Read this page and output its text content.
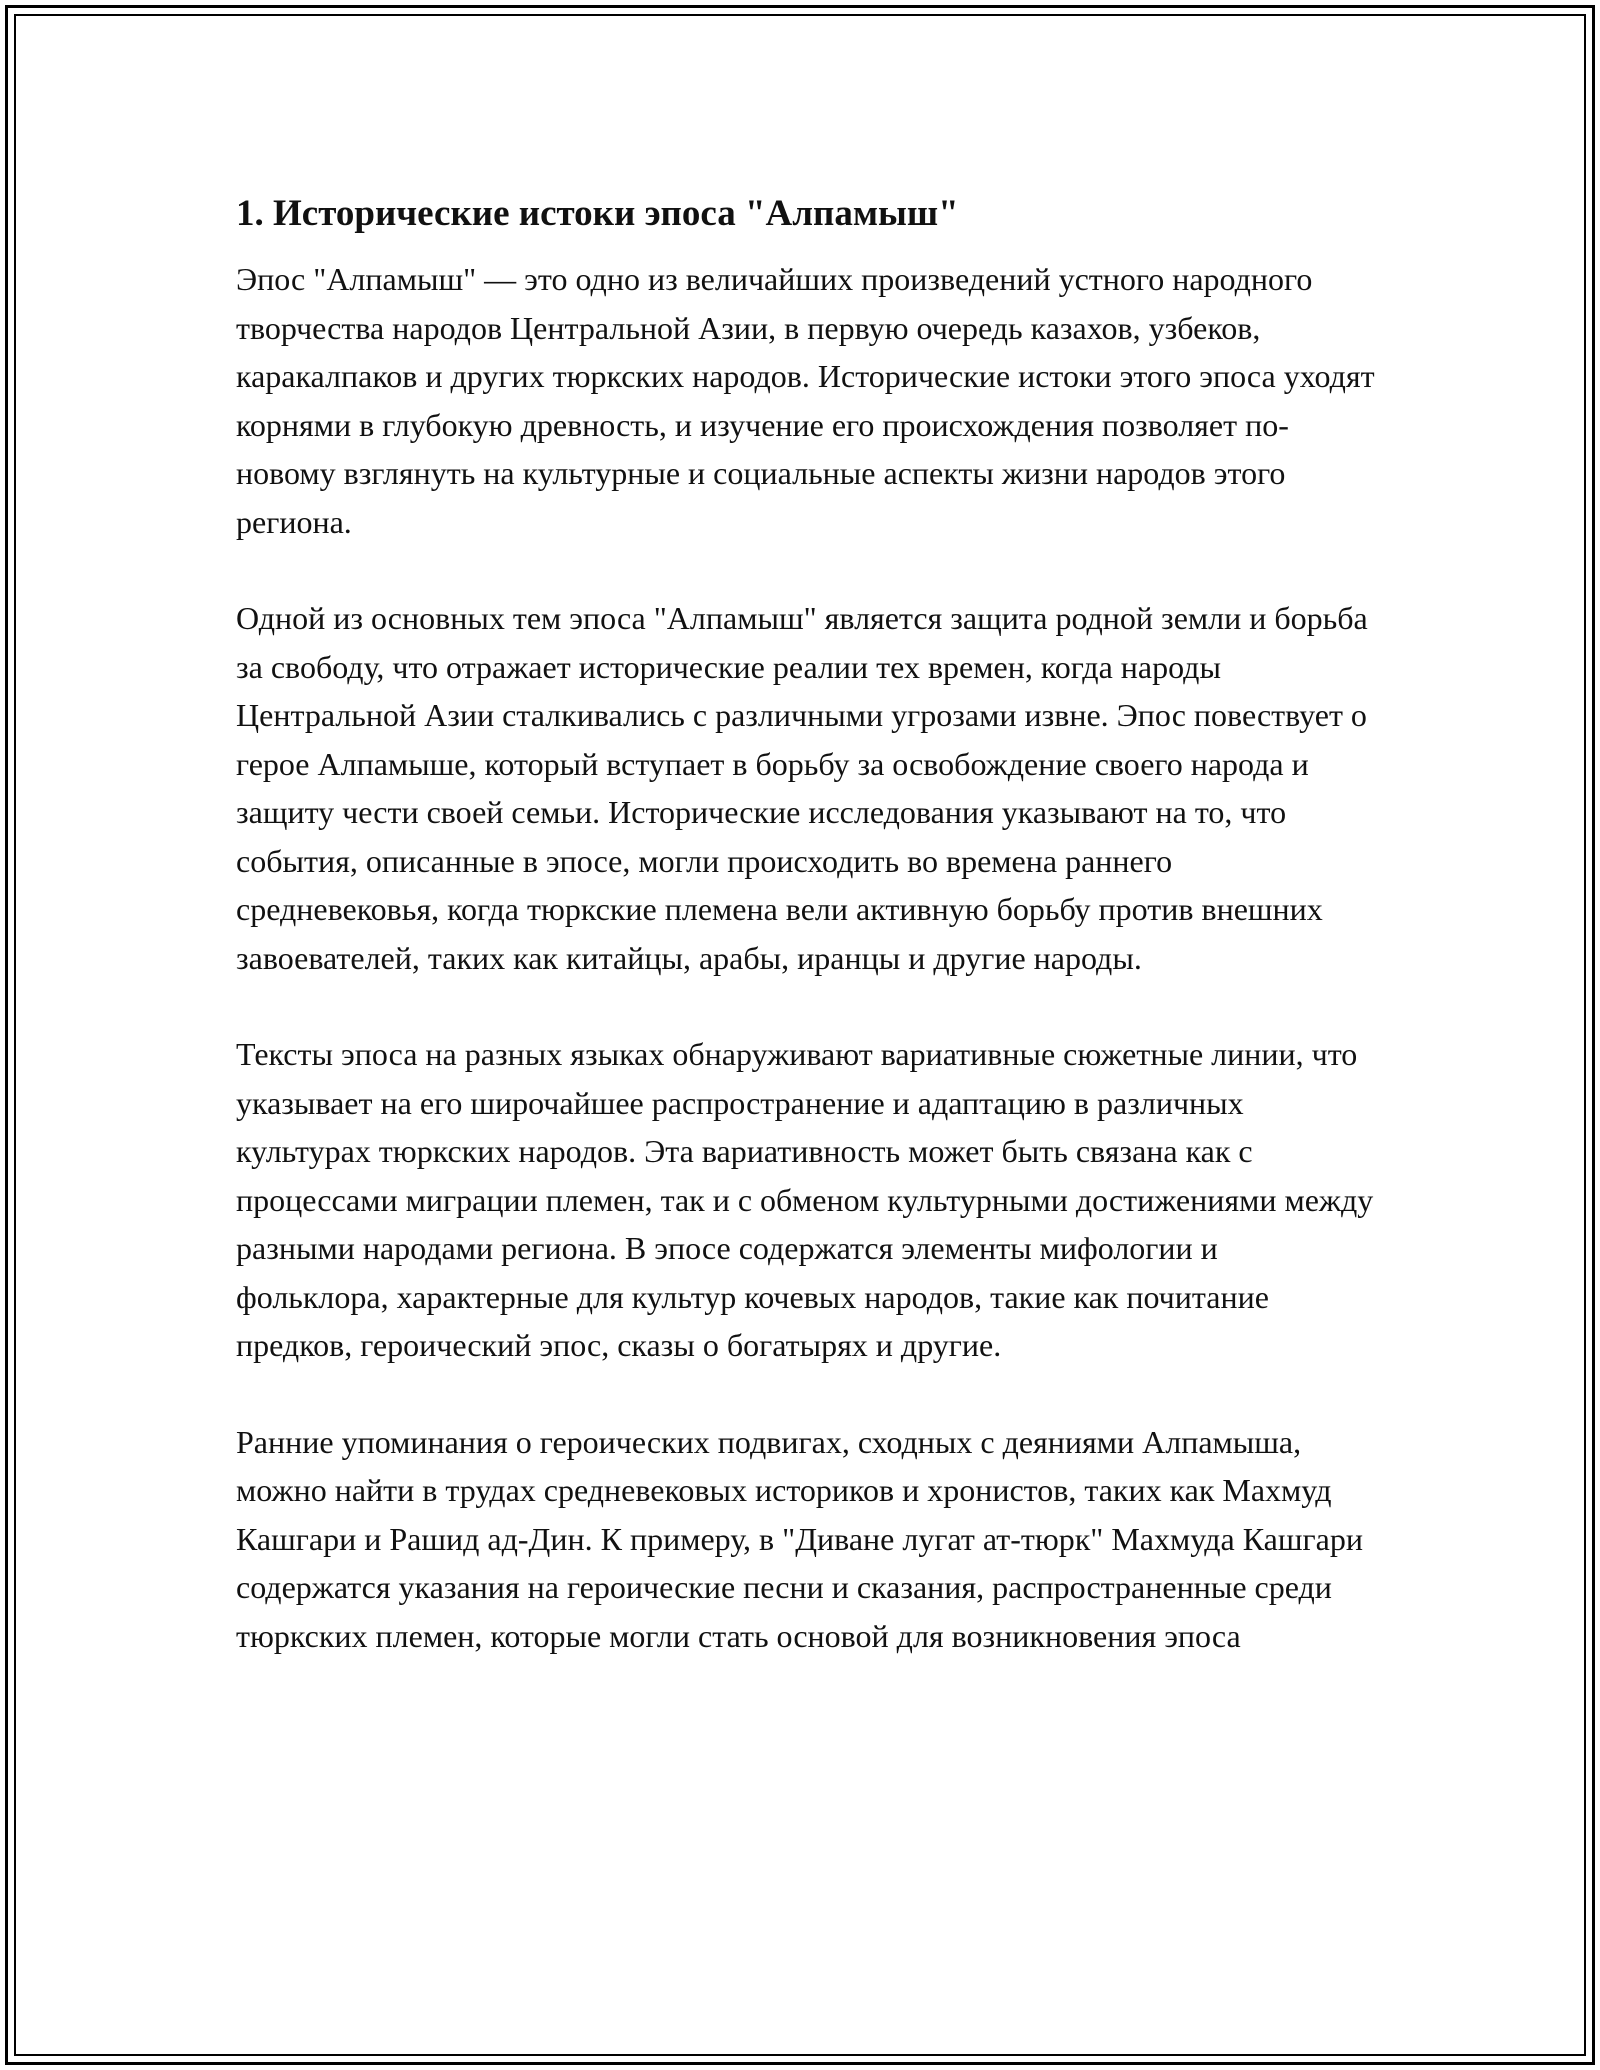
1. Исторические истоки эпоса "Алпамыш"

Эпос "Алпамыш" — это одно из величайших произведений устного народного творчества народов Центральной Азии, в первую очередь казахов, узбеков, каракалпаков и других тюркских народов. Исторические истоки этого эпоса уходят корнями в глубокую древность, и изучение его происхождения позволяет по-новому взглянуть на культурные и социальные аспекты жизни народов этого региона.

Одной из основных тем эпоса "Алпамыш" является защита родной земли и борьба за свободу, что отражает исторические реалии тех времен, когда народы Центральной Азии сталкивались с различными угрозами извне. Эпос повествует о герое Алпамыше, который вступает в борьбу за освобождение своего народа и защиту чести своей семьи. Исторические исследования указывают на то, что события, описанные в эпосе, могли происходить во времена раннего средневековья, когда тюркские племена вели активную борьбу против внешних завоевателей, таких как китайцы, арабы, иранцы и другие народы.

Тексты эпоса на разных языках обнаруживают вариативные сюжетные линии, что указывает на его широчайшее распространение и адаптацию в различных культурах тюркских народов. Эта вариативность может быть связана как с процессами миграции племен, так и с обменом культурными достижениями между разными народами региона. В эпосе содержатся элементы мифологии и фольклора, характерные для культур кочевых народов, такие как почитание предков, героический эпос, сказы о богатырях и другие.

Ранние упоминания о героических подвигах, сходных с деяниями Алпамыша, можно найти в трудах средневековых историков и хронистов, таких как Махмуд Кашгари и Рашид ад-Дин. К примеру, в "Диване лугат ат-тюрк" Махмуда Кашгари содержатся указания на героические песни и сказания, распространенные среди тюркских племен, которые могли стать основой для возникновения эпоса
